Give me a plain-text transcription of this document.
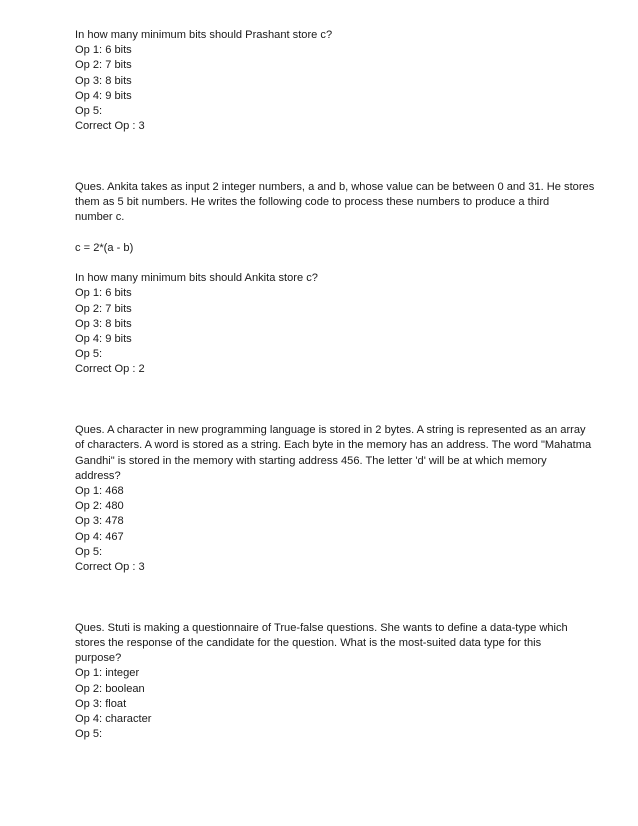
In how many minimum bits should Prashant store c?
Op 1: 6 bits
Op 2: 7 bits
Op 3: 8 bits
Op 4: 9 bits
Op 5:
Correct Op : 3
Ques. Ankita takes as input 2 integer numbers, a and b, whose value can be between 0 and 31. He stores
them as 5 bit numbers. He writes the following code to process these numbers to produce a third
number c.
c = 2*(a - b)
In how many minimum bits should Ankita store c?
Op 1: 6 bits
Op 2: 7 bits
Op 3: 8 bits
Op 4: 9 bits
Op 5:
Correct Op : 2
Ques. A character in new programming language is stored in 2 bytes. A string is represented as an array
of characters. A word is stored as a string. Each byte in the memory has an address. The word "Mahatma
Gandhi" is stored in the memory with starting address 456. The letter 'd' will be at which memory
address?
Op 1: 468
Op 2: 480
Op 3: 478
Op 4: 467
Op 5:
Correct Op : 3
Ques. Stuti is making a questionnaire of True-false questions. She wants to define a data-type which
stores the response of the candidate for the question. What is the most-suited data type for this
purpose?
Op 1: integer
Op 2: boolean
Op 3: float
Op 4: character
Op 5:
